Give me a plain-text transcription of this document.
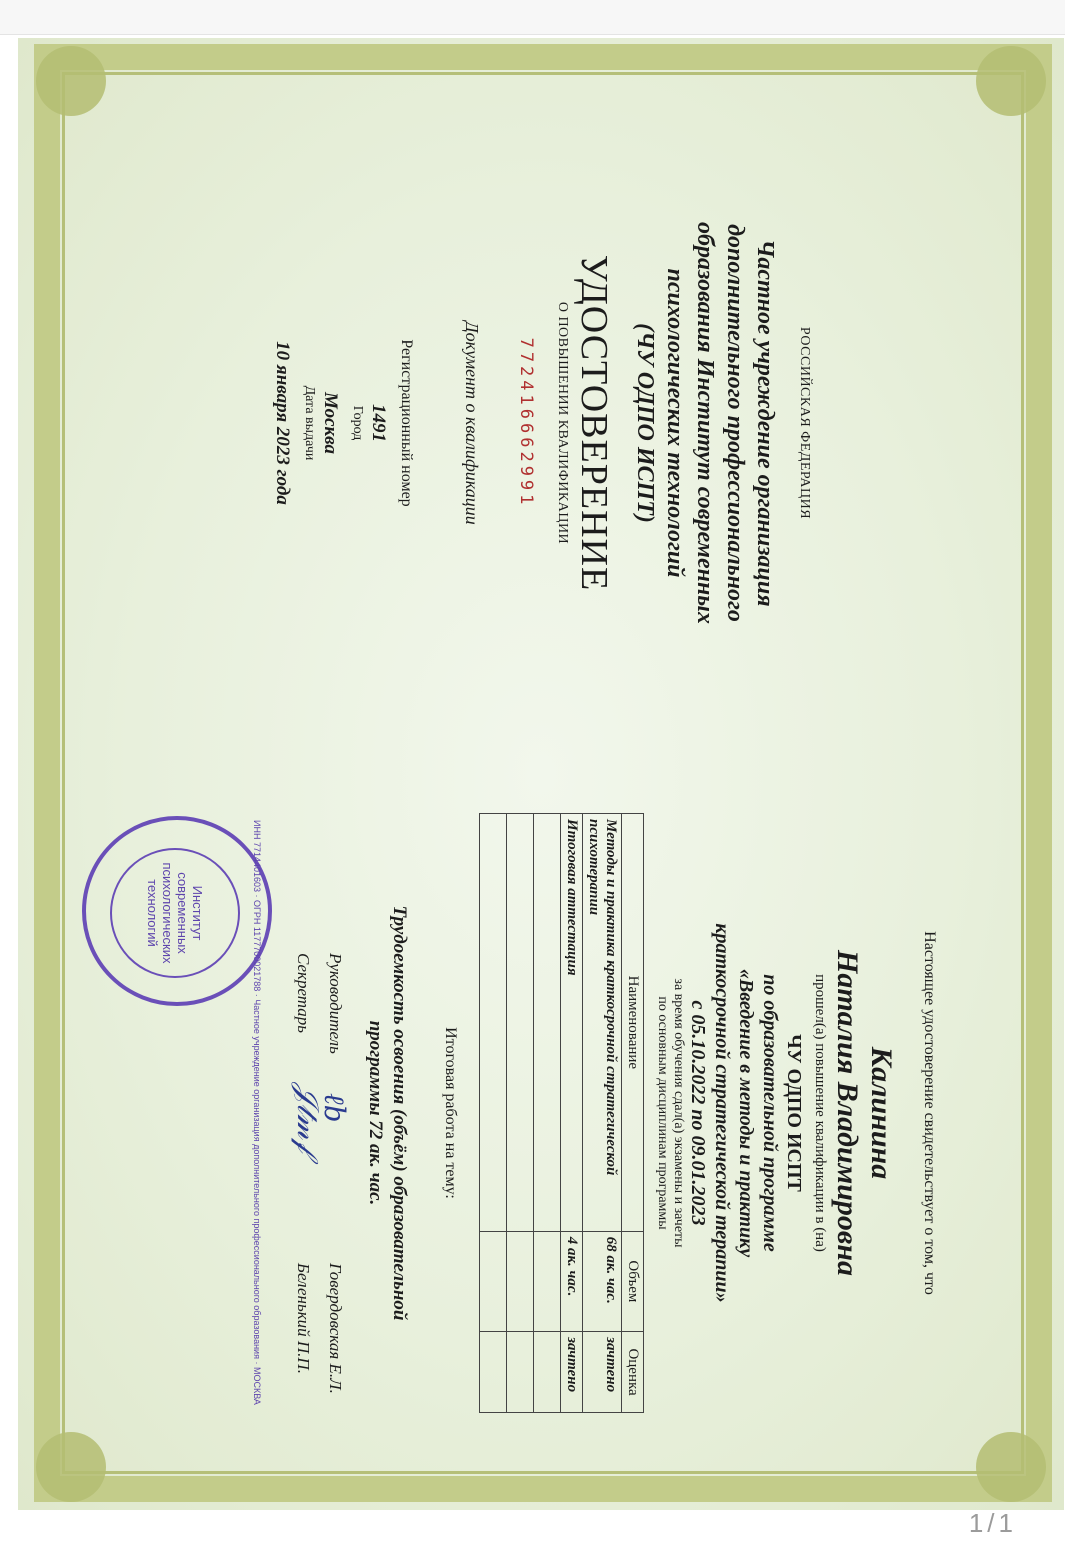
РОССИЙСКАЯ ФЕДЕРАЦИЯ
Частное учреждение организация
дополнительного профессионального
образования Институт современных
психологических технологий
(ЧУ ОДПО ИСПТ)
УДОСТОВЕРЕНИЕ
О ПОВЫШЕНИИ КВАЛИФИКАЦИИ
772416662991
Документ о квалификации
Регистрационный номер
1491
Город
Москва
Дата выдачи
10 января 2023 года
Настоящее удостоверение свидетельствует о том, что
Калинина
Наталия Владимировна
прошел(а) повышение квалификации в (на)
ЧУ ОДПО ИСПТ
по образовательной программе
«Введение в методы и практику
краткосрочной стратегической терапии»
с 05.10.2022 по 09.01.2023
за время обучения сдал(а) экзамены и зачеты
по основным дисциплинам программы
Наименование	Объем	Оценка
Методы и практика краткосрочной стратегической психотерапии	68 ак. час.	зачтено
Итоговая аттестация	4 ак. час.	зачтено

Итоговая работа на тему:
Трудоемкость освоения (объём) образовательной
программы 72 ак. час.
Руководитель
ℓb
Говердовская Е.Л.
Секретарь
𝒥𝓉𝓂𝒻
Беленький П.П.
ИНН 7714401603 · ОГРН 1177700021788 · Частное учреждение организация дополнительного профессионального образования · МОСКВА
Институт
современных
психологических
технологий
1/1
